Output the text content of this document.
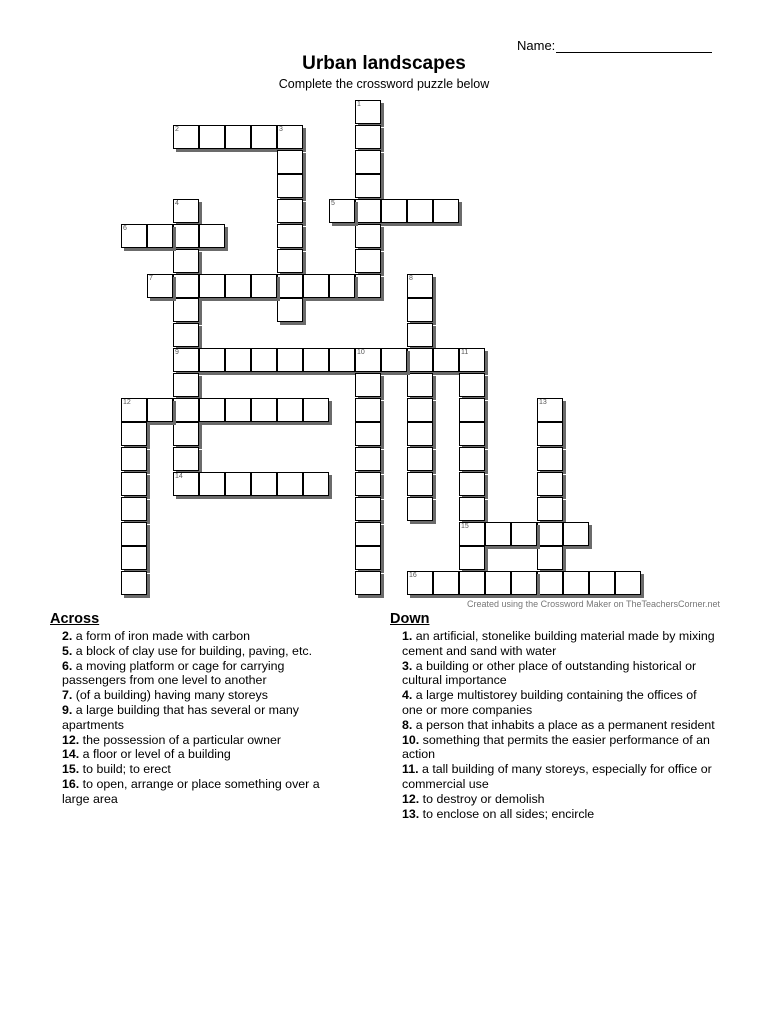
Name:
Urban landscapes
Complete the crossword puzzle below
1
2	3
4
9
14
5
6
7	8
10	11
15
12	13
16
Created using the Crossword Maker on TheTeachersCorner.net
Across
2. a form of iron made with carbon
5. a block of clay use for building, paving, etc.
6. a moving platform or cage for carrying passengers from one level to another
7. (of a building) having many storeys
9. a large building that has several or many apartments
12. the possession of a particular owner
14. a floor or level of a building
15. to build; to erect
16. to open, arrange or place something over a large area
Down
1. an artificial, stonelike building material made by mixing cement and sand with water
3. a building or other place of outstanding historical or cultural importance
4. a large multistorey building containing the offices of one or more companies
8. a person that inhabits a place as a permanent resident
10. something that permits the easier performance of an action
11. a tall building of many storeys, especially for office or commercial use
12. to destroy or demolish
13. to enclose on all sides; encircle
